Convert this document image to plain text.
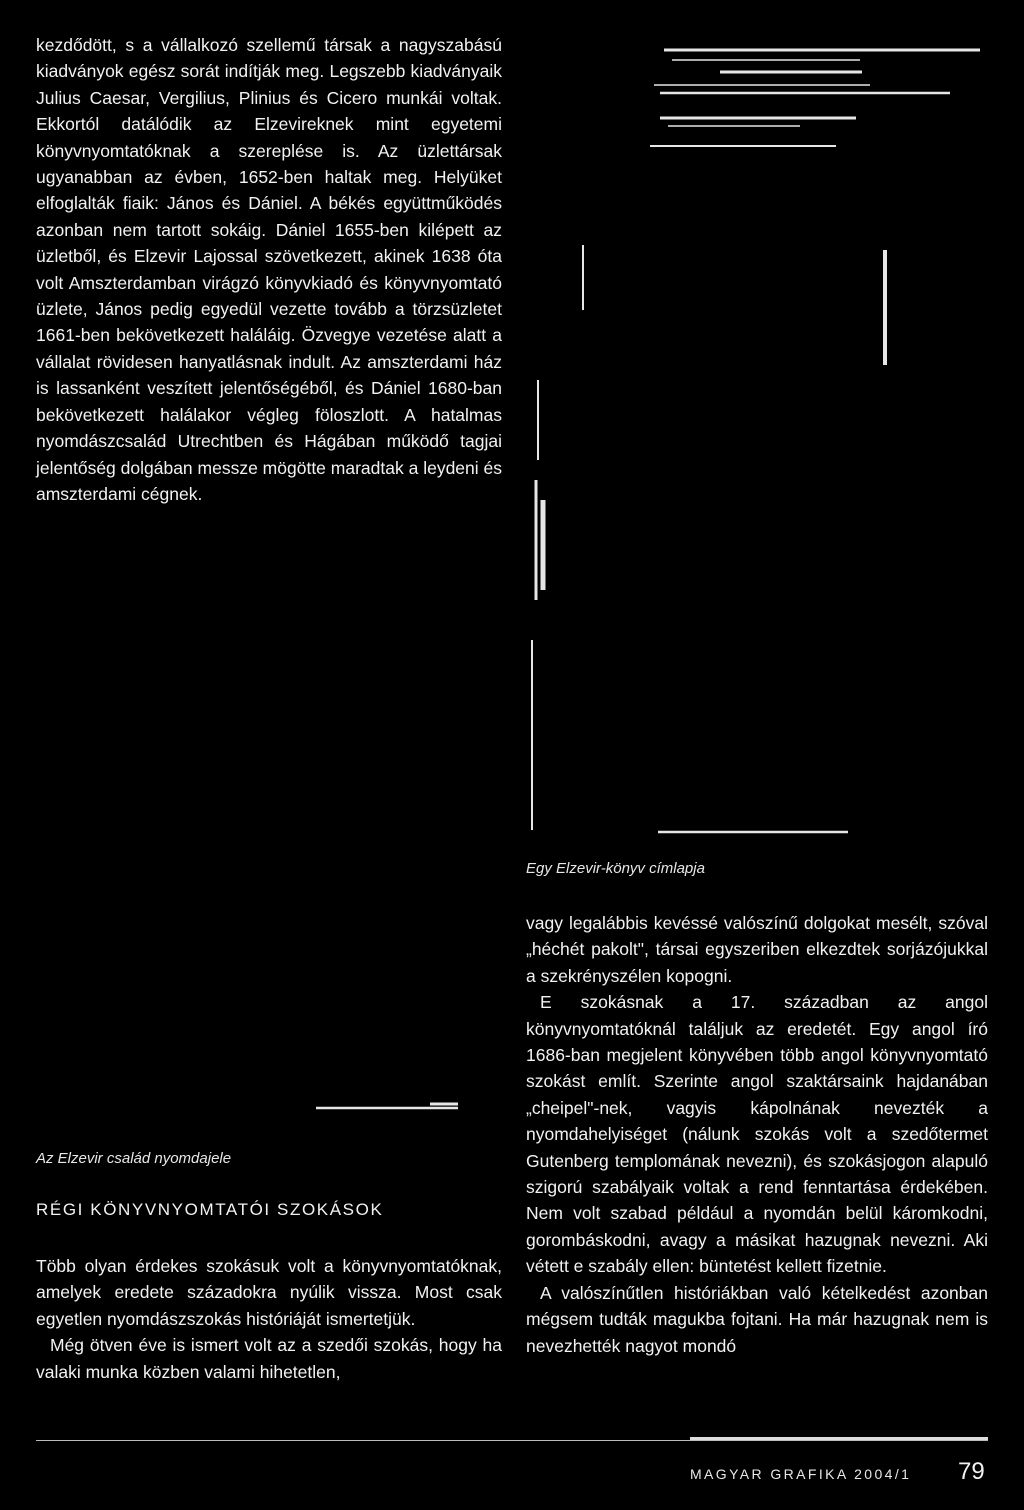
kezdődött, s a vállalkozó szellemű társak a nagyszabású kiadványok egész sorát indítják meg. Legszebb kiadványaik Julius Caesar, Vergilius, Plinius és Cicero munkái voltak. Ekkortól datálódik az Elzevireknek mint egyetemi könyvnyomtatóknak a szereplése is. Az üzlettársak ugyanabban az évben, 1652-ben haltak meg. Helyüket elfoglalták fiaik: János és Dániel. A békés együttműködés azonban nem tartott sokáig. Dániel 1655-ben kilépett az üzletből, és Elzevir Lajossal szövetkezett, akinek 1638 óta volt Amszterdamban virágzó könyvkiadó és könyvnyomtató üzlete, János pedig egyedül vezette tovább a törzsüzletet 1661-ben bekövetkezett haláláig. Özvegye vezetése alatt a vállalat rövidesen hanyatlásnak indult. Az amszterdami ház is lassanként veszített jelentőségéből, és Dániel 1680-ban bekövetkezett halálakor végleg föloszlott. A hatalmas nyomdászcsalád Utrechtben és Hágában működő tagjai jelentőség dolgában messze mögötte maradtak a leydeni és amszterdami cégnek.

Egy Elzevir-könyv címlapja
Az Elzevir család nyomdajele
RÉGI KÖNYVNYOMTATÓI SZOKÁSOK

Több olyan érdekes szokásuk volt a könyvnyomtatóknak, amelyek eredete századokra nyúlik vissza. Most csak egyetlen nyomdászszokás históriáját ismertetjük.

Még ötven éve is ismert volt az a szedői szokás, hogy ha valaki munka közben valami hihetetlen,

vagy legalábbis kevéssé valószínű dolgokat mesélt, szóval „héchét pakolt", társai egyszeriben elkezdtek sorjázójukkal a szekrényszélen kopogni.

E szokásnak a 17. században az angol könyvnyomtatóknál találjuk az eredetét. Egy angol író 1686-ban megjelent könyvében több angol könyvnyomtató szokást említ. Szerinte angol szaktársaink hajdanában „cheipel"-nek, vagyis kápolnának nevezték a nyomdahelyiséget (nálunk szokás volt a szedőtermet Gutenberg templomának nevezni), és szokásjogon alapuló szigorú szabályaik voltak a rend fenntartása érdekében. Nem volt szabad például a nyomdán belül káromkodni, gorombáskodni, avagy a másikat hazugnak nevezni. Aki vétett e szabály ellen: büntetést kellett fizetnie.

A valószínűtlen históriákban való kételkedést azonban mégsem tudták magukba fojtani. Ha már hazugnak nem is nevezhették nagyot mondó

MAGYAR GRAFIKA 2004/1 79
